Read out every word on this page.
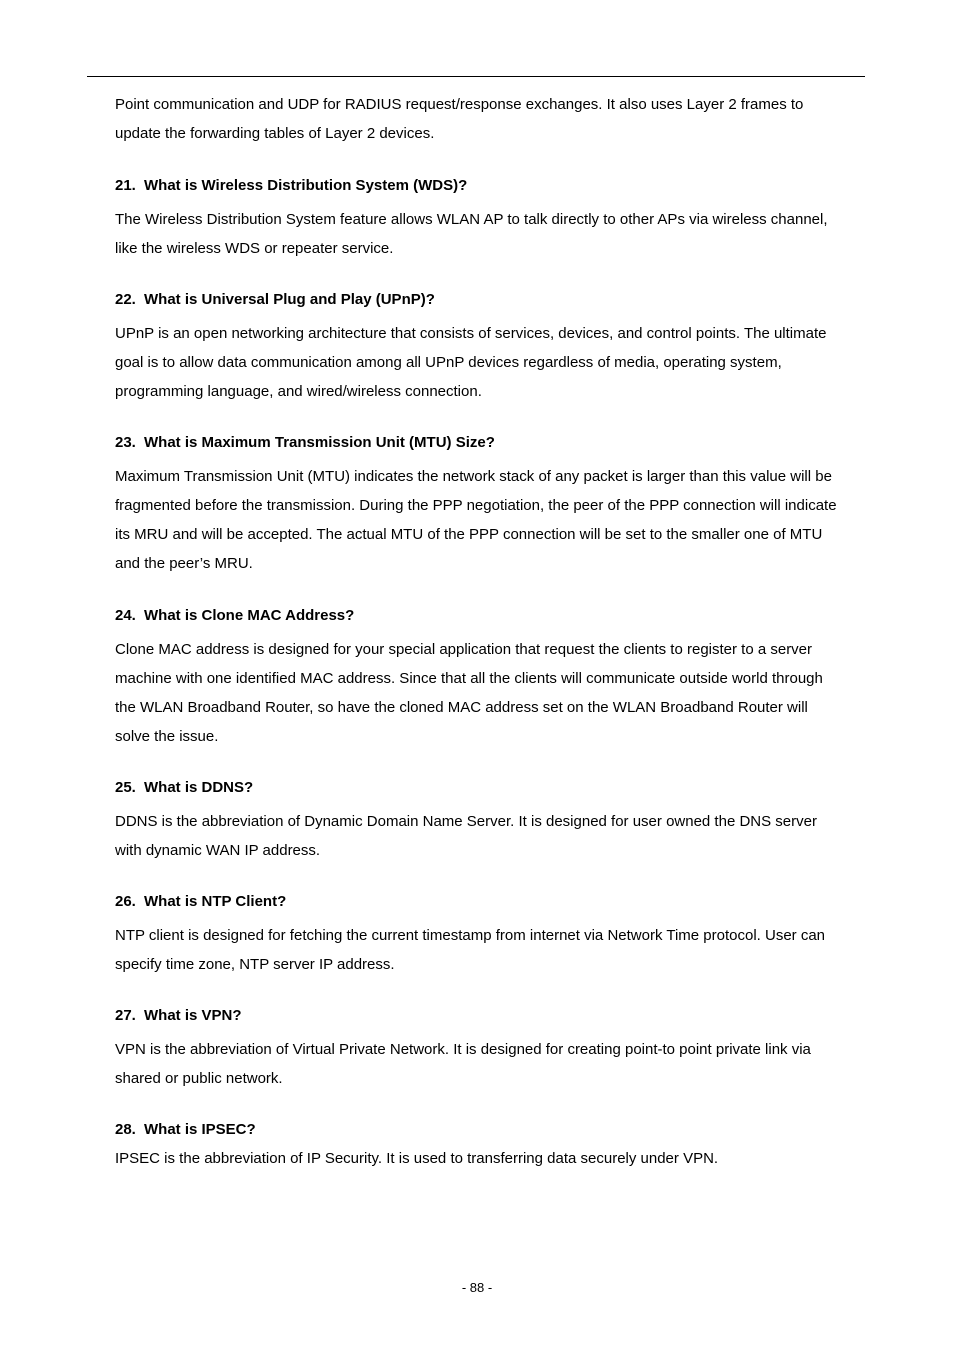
Point communication and UDP for RADIUS request/response exchanges. It also uses Layer 2 frames to update the forwarding tables of Layer 2 devices.

21. What is Wireless Distribution System (WDS)?

The Wireless Distribution System feature allows WLAN AP to talk directly to other APs via wireless channel, like the wireless WDS or repeater service.

22. What is Universal Plug and Play (UPnP)?

UPnP is an open networking architecture that consists of services, devices, and control points. The ultimate goal is to allow data communication among all UPnP devices regardless of media, operating system, programming language, and wired/wireless connection.

23. What is Maximum Transmission Unit (MTU) Size?

Maximum Transmission Unit (MTU) indicates the network stack of any packet is larger than this value will be fragmented before the transmission. During the PPP negotiation, the peer of the PPP connection will indicate its MRU and will be accepted. The actual MTU of the PPP connection will be set to the smaller one of MTU and the peer’s MRU.

24. What is Clone MAC Address?

Clone MAC address is designed for your special application that request the clients to register to a server machine with one identified MAC address. Since that all the clients will communicate outside world through the WLAN Broadband Router, so have the cloned MAC address set on the WLAN Broadband Router will solve the issue.

25. What is DDNS?

DDNS is the abbreviation of Dynamic Domain Name Server. It is designed for user owned the DNS server with dynamic WAN IP address.

26. What is NTP Client?

NTP client is designed for fetching the current timestamp from internet via Network Time protocol. User can specify time zone, NTP server IP address.

27. What is VPN?

VPN is the abbreviation of Virtual Private Network. It is designed for creating point-to point private link via shared or public network.

28. What is IPSEC?

IPSEC is the abbreviation of IP Security. It is used to transferring data securely under VPN.

- 88 -
